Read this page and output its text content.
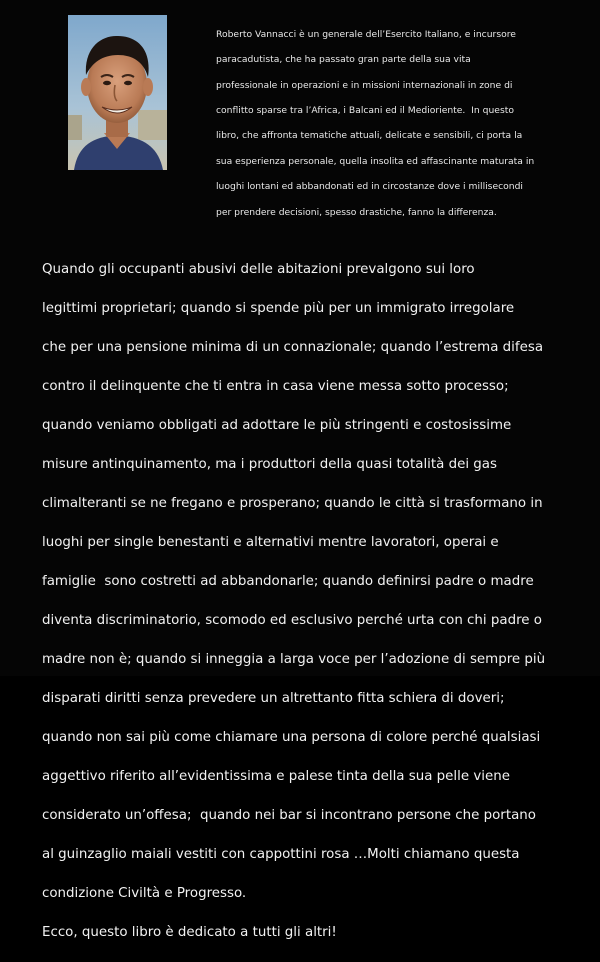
Roberto Vannacci è un generale dell’Esercito Italiano, e incursore

paracadutista, che ha passato gran parte della sua vita

professionale in operazioni e in missioni internazionali in zone di

conflitto sparse tra l’Africa, i Balcani ed il Medioriente.  In questo

libro, che affronta tematiche attuali, delicate e sensibili, ci porta la

sua esperienza personale, quella insolita ed affascinante maturata in

luoghi lontani ed abbandonati ed in circostanze dove i millisecondi

per prendere decisioni, spesso drastiche, fanno la differenza.

Quando gli occupanti abusivi delle abitazioni prevalgono sui loro

legittimi proprietari; quando si spende più per un immigrato irregolare

che per una pensione minima di un connazionale; quando l’estrema difesa

contro il delinquente che ti entra in casa viene messa sotto processo;

quando veniamo obbligati ad adottare le più stringenti e costosissime

misure antinquinamento, ma i produttori della quasi totalità dei gas

climalteranti se ne fregano e prosperano; quando le città si trasformano in

luoghi per single benestanti e alternativi mentre lavoratori, operai e

famiglie  sono costretti ad abbandonarle; quando definirsi padre o madre

diventa discriminatorio, scomodo ed esclusivo perché urta con chi padre o

madre non è; quando si inneggia a larga voce per l’adozione di sempre più

disparati diritti senza prevedere un altrettanto fitta schiera di doveri;

quando non sai più come chiamare una persona di colore perché qualsiasi

aggettivo riferito all’evidentissima e palese tinta della sua pelle viene

considerato un’offesa;  quando nei bar si incontrano persone che portano

al guinzaglio maiali vestiti con cappottini rosa …Molti chiamano questa

condizione Civiltà e Progresso.

Ecco, questo libro è dedicato a tutti gli altri!
